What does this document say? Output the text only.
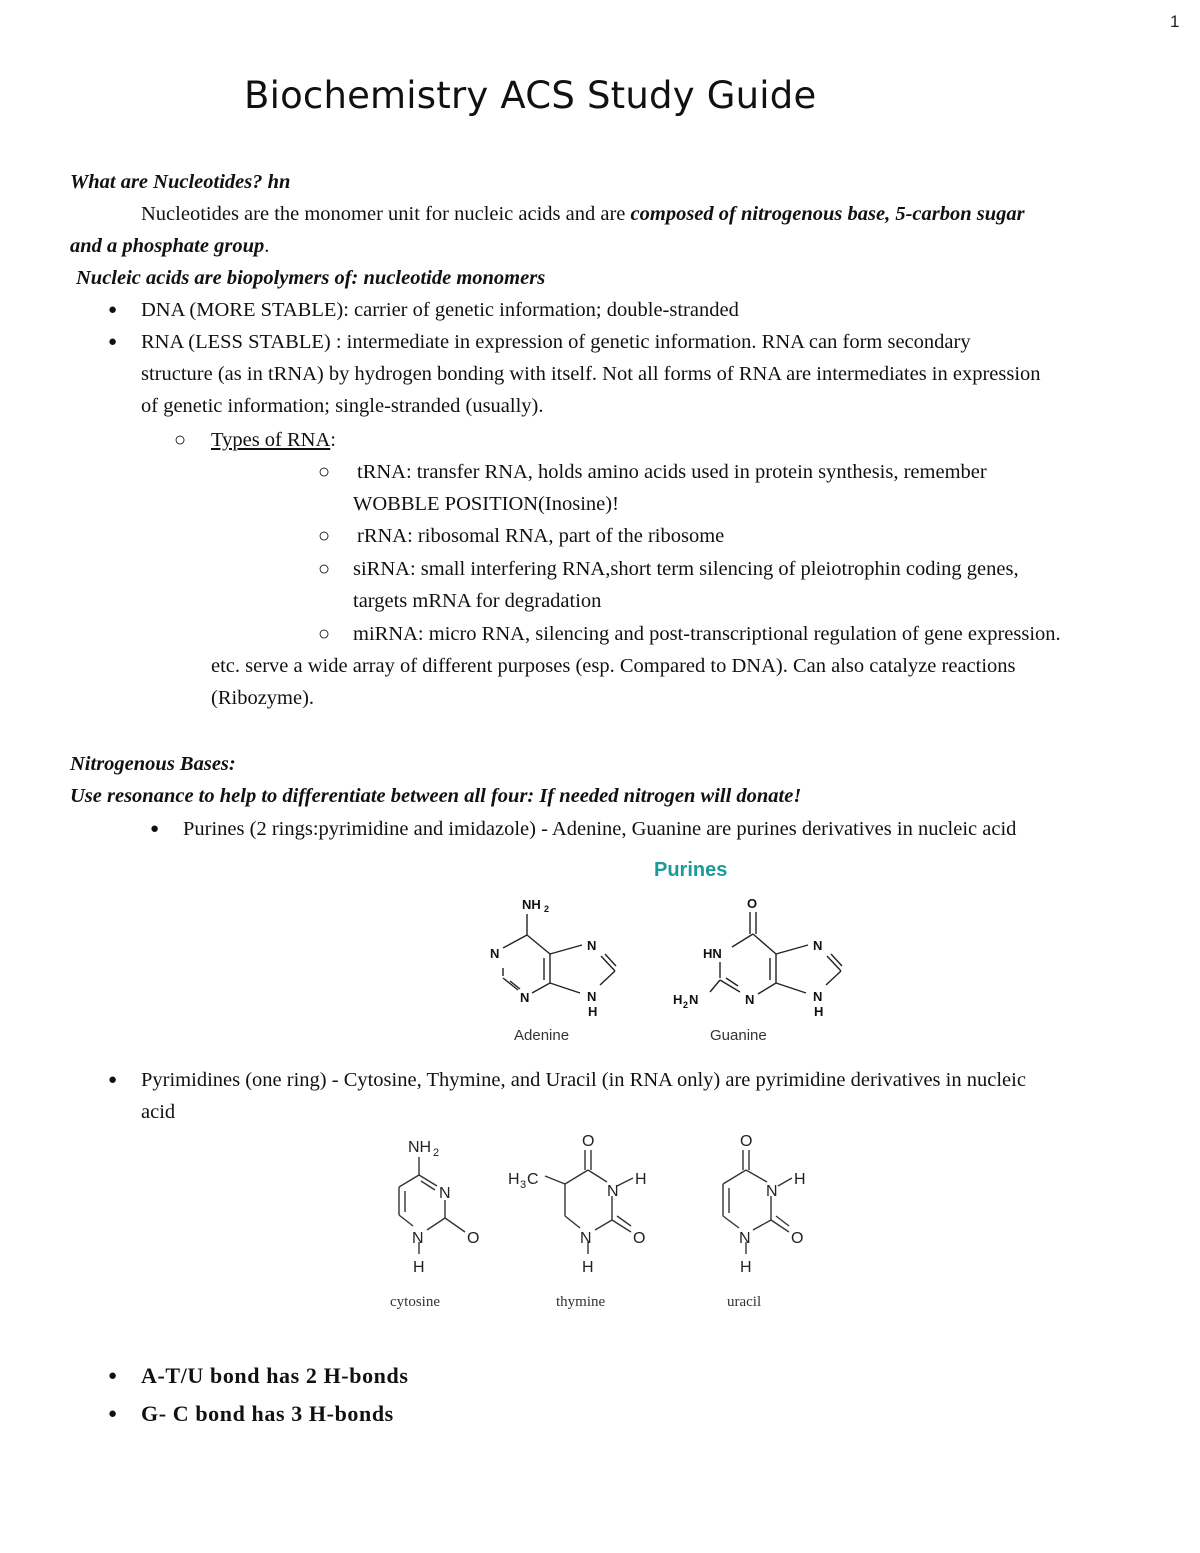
1
Biochemistry ACS Study Guide
What are Nucleotides? hn
Nucleotides are the monomer unit for nucleic acids and are composed of nitrogenous base, 5-carbon sugar
and a phosphate group.
Nucleic acids are biopolymers of: nucleotide monomers
● DNA (MORE STABLE): carrier of genetic information; double-stranded
● RNA (LESS STABLE) : intermediate in expression of genetic information. RNA can form secondary
structure (as in tRNA) by hydrogen bonding with itself. Not all forms of RNA are intermediates in expression
of genetic information; single-stranded (usually).
○ Types of RNA:
○ tRNA: transfer RNA, holds amino acids used in protein synthesis, remember
WOBBLE POSITION(Inosine)!
○ rRNA: ribosomal RNA, part of the ribosome
○ siRNA: small interfering RNA,short term silencing of pleiotrophin coding genes,
targets mRNA for degradation
○ miRNA: micro RNA, silencing and post-transcriptional regulation of gene expression.
etc. serve a wide array of different purposes (esp. Compared to DNA). Can also catalyze reactions
(Ribozyme).
Nitrogenous Bases:
Use resonance to help to differentiate between all four: If needed nitrogen will donate!
● Purines (2 rings:pyrimidine and imidazole) - Adenine, Guanine are purines derivatives in nucleic acid
Purines
NH 2
N
N
N
N
H
Adenine
O
HN
H 2 N	N
N
N
H
Guanine
● Pyrimidines (one ring) - Cytosine, Thymine, and Uracil (in RNA only) are pyrimidine derivatives in nucleic
acid
NH 2
N
N	O
H
cytosine
O
H 3 C
N
H
N	O
H
thymine
O
N
H
N	O
H
uracil
● A-T/U bond has 2 H-bonds
● G- C bond has 3 H-bonds
